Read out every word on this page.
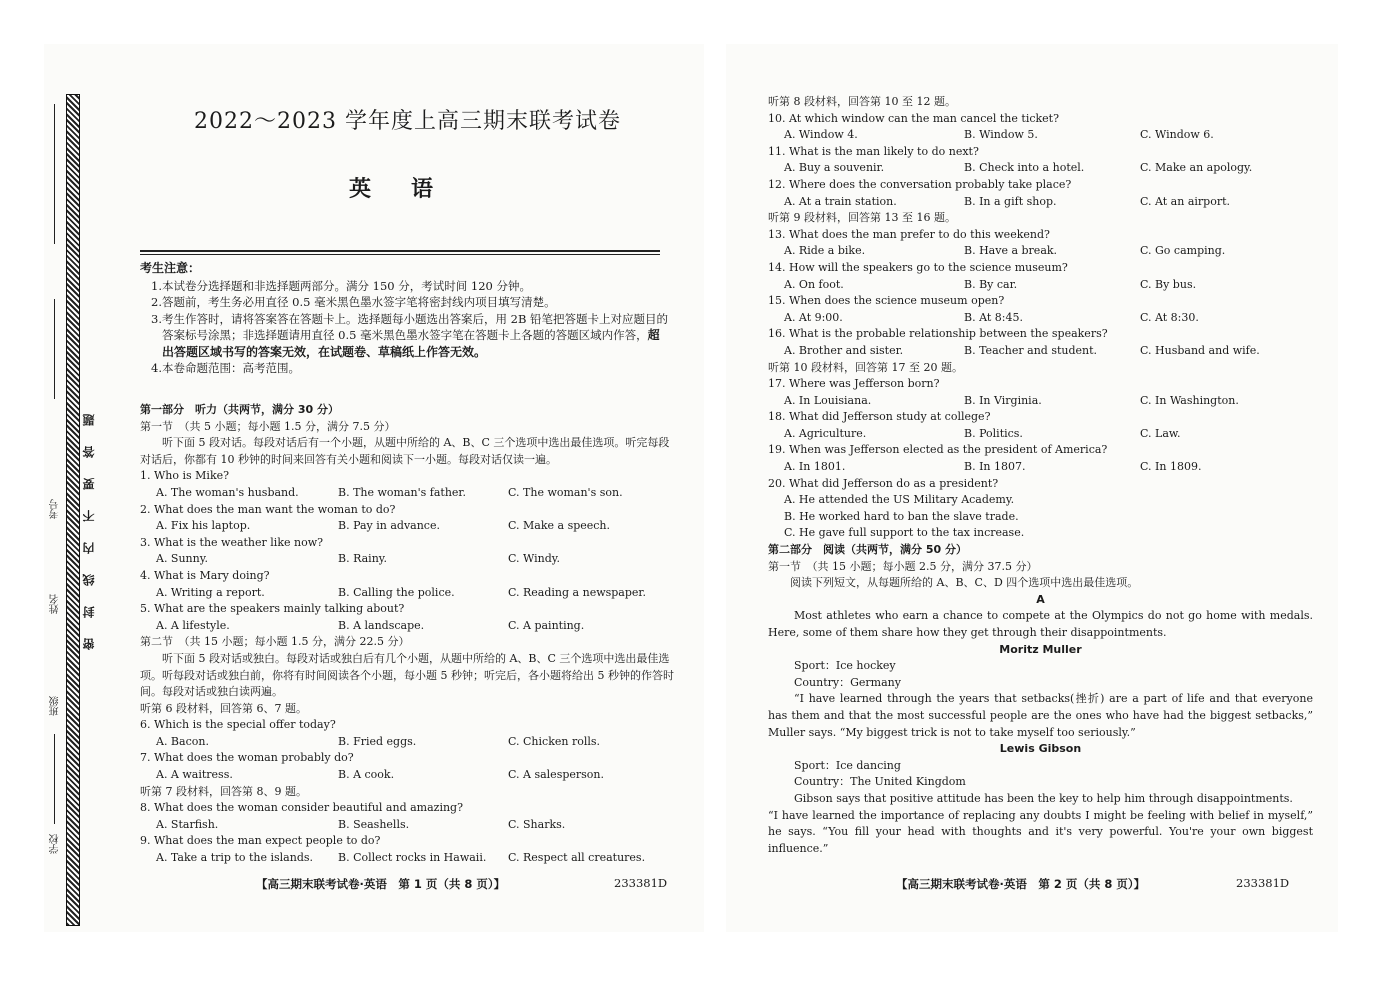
班级
姓名
学校
考号 密封线内不要答题
2022～2023 学年度上高三期末联考试卷
英语
考生注意：

1.本试卷分选择题和非选择题两部分。满分 150 分，考试时间 120 分钟。

2.答题前，考生务必用直径 0.5 毫米黑色墨水签字笔将密封线内项目填写清楚。

3.考生作答时，请将答案答在答题卡上。选择题每小题选出答案后，用 2B 铅笔把答题卡上对应题目的答案标号涂黑；非选择题请用直径 0.5 毫米黑色墨水签字笔在答题卡上各题的答题区域内作答，超出答题区域书写的答案无效，在试题卷、草稿纸上作答无效。

4.本卷命题范围：高考范围。

第一部分　听力（共两节，满分 30 分）
第一节　（共 5 小题；每小题 1.5 分，满分 7.5 分）
听下面 5 段对话。每段对话后有一个小题，从题中所给的 A、B、C 三个选项中选出最佳选项。听完每段对话后，你都有 10 秒钟的时间来回答有关小题和阅读下一小题。每段对话仅读一遍。
1. Who is Mike?
A. The woman's husband.	B. The woman's father.	C. The woman's son.
2. What does the man want the woman to do?
A. Fix his laptop.	B. Pay in advance.	C. Make a speech.
3. What is the weather like now?
A. Sunny.	B. Rainy.	C. Windy.
4. What is Mary doing?
A. Writing a report.	B. Calling the police.	C. Reading a newspaper.
5. What are the speakers mainly talking about?
A. A lifestyle.	B. A landscape.	C. A painting.
第二节　（共 15 小题；每小题 1.5 分，满分 22.5 分）
听下面 5 段对话或独白。每段对话或独白后有几个小题，从题中所给的 A、B、C 三个选项中选出最佳选项。听每段对话或独白前，你将有时间阅读各个小题，每小题 5 秒钟；听完后，各小题将给出 5 秒钟的作答时间。每段对话或独白读两遍。
听第 6 段材料，回答第 6、7 题。
6. Which is the special offer today?
A. Bacon.	B. Fried eggs.	C. Chicken rolls.
7. What does the woman probably do?
A. A waitress.	B. A cook.	C. A salesperson.
听第 7 段材料，回答第 8、9 题。
8. What does the woman consider beautiful and amazing?
A. Starfish.	B. Seashells.	C. Sharks.
9. What does the man expect people to do?
A. Take a trip to the islands.	B. Collect rocks in Hawaii.	C. Respect all creatures.
【高三期末联考试卷·英语　第 1 页（共 8 页）】	233381D
听第 8 段材料，回答第 10 至 12 题。
10. At which window can the man cancel the ticket?
A. Window 4.	B. Window 5.	C. Window 6.
11. What is the man likely to do next?
A. Buy a souvenir.	B. Check into a hotel.	C. Make an apology.
12. Where does the conversation probably take place?
A. At a train station.	B. In a gift shop.	C. At an airport.
听第 9 段材料，回答第 13 至 16 题。
13. What does the man prefer to do this weekend?
A. Ride a bike.	B. Have a break.	C. Go camping.
14. How will the speakers go to the science museum?
A. On foot.	B. By car.	C. By bus.
15. When does the science museum open?
A. At 9:00.	B. At 8:45.	C. At 8:30.
16. What is the probable relationship between the speakers?
A. Brother and sister.	B. Teacher and student.	C. Husband and wife.
听第 10 段材料，回答第 17 至 20 题。
17. Where was Jefferson born?
A. In Louisiana.	B. In Virginia.	C. In Washington.
18. What did Jefferson study at college?
A. Agriculture.	B. Politics.	C. Law.
19. When was Jefferson elected as the president of America?
A. In 1801.	B. In 1807.	C. In 1809.
20. What did Jefferson do as a president?
A. He attended the US Military Academy.
B. He worked hard to ban the slave trade.
C. He gave full support to the tax increase.
第二部分　阅读（共两节，满分 50 分）
第一节　（共 15 小题；每小题 2.5 分，满分 37.5 分）
阅读下列短文，从每题所给的 A、B、C、D 四个选项中选出最佳选项。
A
Most athletes who earn a chance to compete at the Olympics do not go home with medals. Here, some of them share how they get through their disappointments.
Moritz Muller
Sport：Ice hockey
Country：Germany
“I have learned through the years that setbacks(挫折) are a part of life and that everyone has them and that the most successful people are the ones who have had the biggest setbacks,” Muller says. “My biggest trick is not to take myself too seriously.”
Lewis Gibson
Sport：Ice dancing
Country：The United Kingdom
Gibson says that positive attitude has been the key to help him through disappointments.
“I have learned the importance of replacing any doubts I might be feeling with belief in myself,” he says. “You fill your head with thoughts and it's very powerful. You're your own biggest influence.”
【高三期末联考试卷·英语　第 2 页（共 8 页）】	233381D
